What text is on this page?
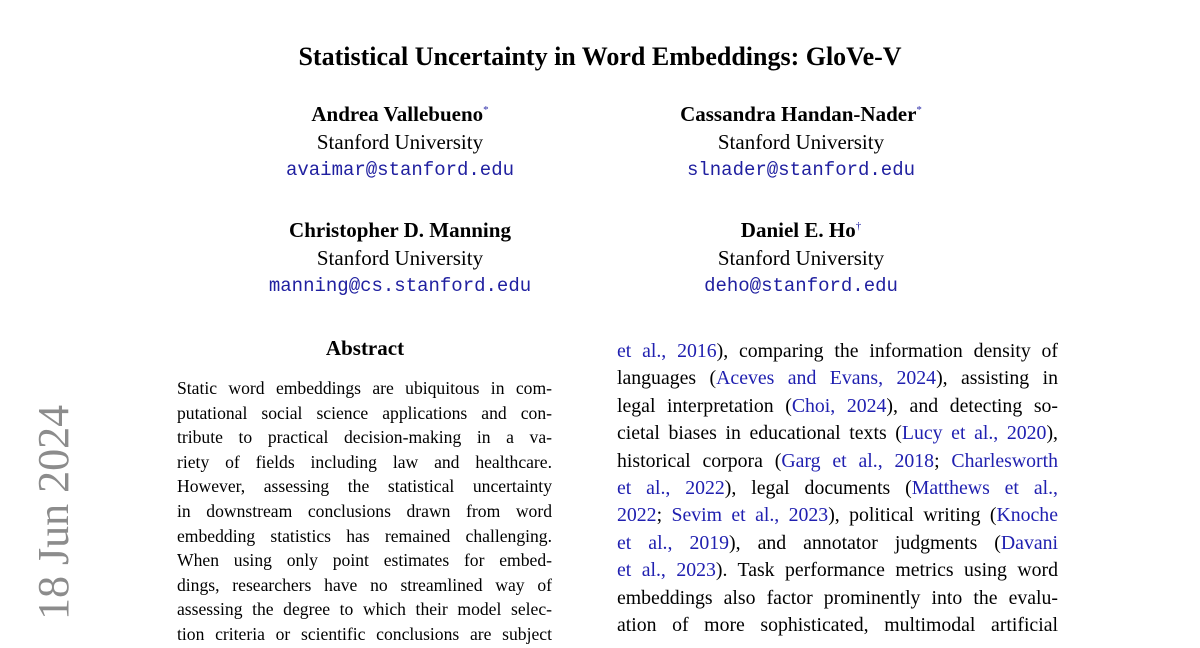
Statistical Uncertainty in Word Embeddings: GloVe-V
Andrea Vallebueno*
Stanford University
avaimar@stanford.edu
Cassandra Handan-Nader*
Stanford University
slnader@stanford.edu
Christopher D. Manning
Stanford University
manning@cs.stanford.edu
Daniel E. Ho†
Stanford University
deho@stanford.edu
18 Jun 2024
Abstract
Static word embeddings are ubiquitous in com-
putational social science applications and con-
tribute to practical decision-making in a va-
riety of fields including law and healthcare.
However, assessing the statistical uncertainty
in downstream conclusions drawn from word
embedding statistics has remained challenging.
When using only point estimates for embed-
dings, researchers have no streamlined way of
assessing the degree to which their model selec-
tion criteria or scientific conclusions are subject
et al., 2016), comparing the information density of
languages (Aceves and Evans, 2024), assisting in
legal interpretation (Choi, 2024), and detecting so-
cietal biases in educational texts (Lucy et al., 2020),
historical corpora (Garg et al., 2018; Charlesworth
et al., 2022), legal documents (Matthews et al.,
2022; Sevim et al., 2023), political writing (Knoche
et al., 2019), and annotator judgments (Davani
et al., 2023). Task performance metrics using word
embeddings also factor prominently into the evalu-
ation of more sophisticated, multimodal artificial
